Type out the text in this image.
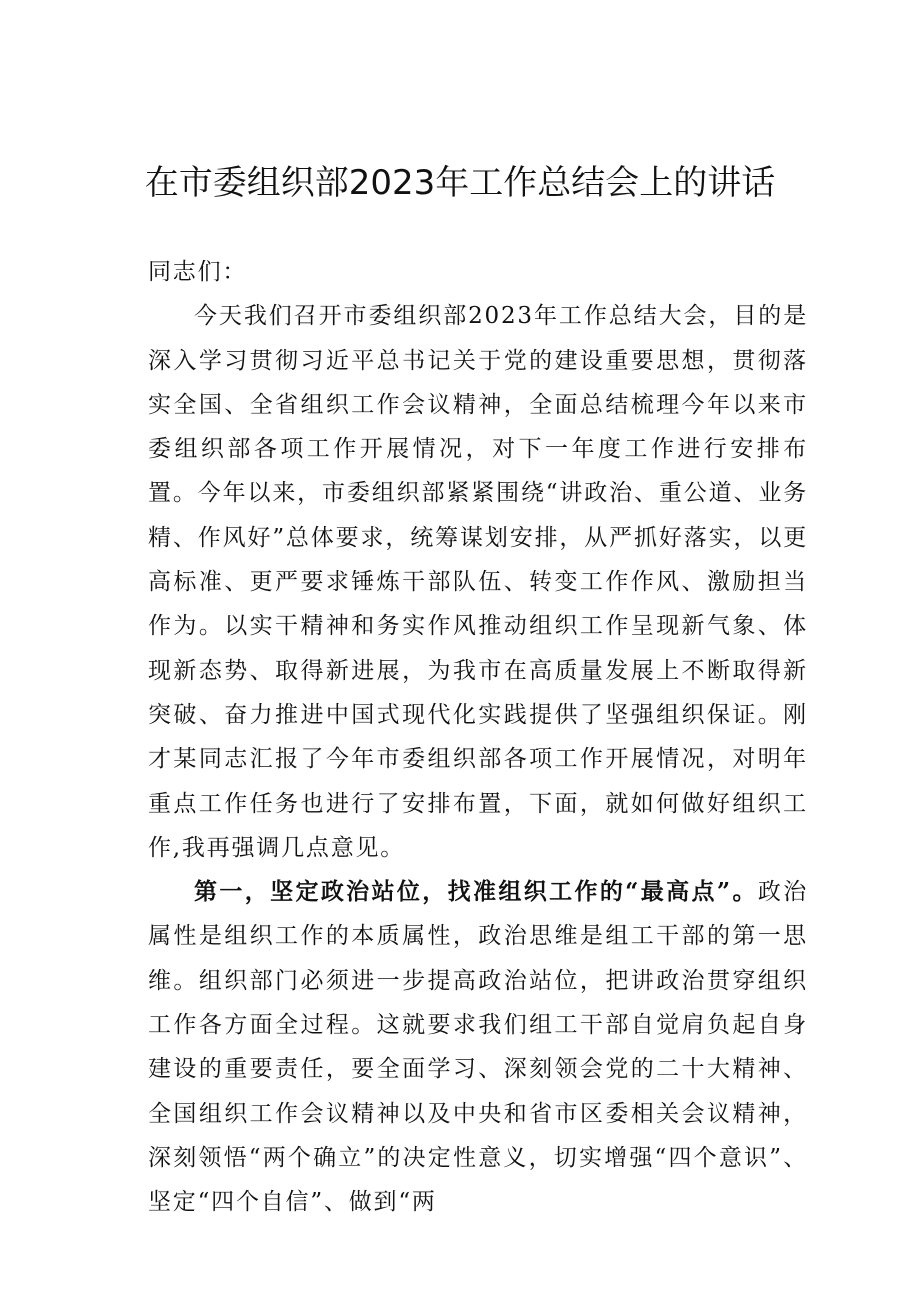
在市委组织部2023年工作总结会上的讲话

同志们：

今天我们召开市委组织部2023年工作总结大会，目的是深入学习贯彻习近平总书记关于党的建设重要思想，贯彻落实全国、全省组织工作会议精神，全面总结梳理今年以来市委组织部各项工作开展情况，对下一年度工作进行安排布置。今年以来，市委组织部紧紧围绕“讲政治、重公道、业务精、作风好”总体要求，统筹谋划安排，从严抓好落实，以更高标准、更严要求锤炼干部队伍、转变工作作风、激励担当作为。以实干精神和务实作风推动组织工作呈现新气象、体现新态势、取得新进展，为我市在高质量发展上不断取得新突破、奋力推进中国式现代化实践提供了坚强组织保证。刚才某同志汇报了今年市委组织部各项工作开展情况，对明年重点工作任务也进行了安排布置，下面，就如何做好组织工作,我再强调几点意见。

第一，坚定政治站位，找准组织工作的“最高点”。政治属性是组织工作的本质属性，政治思维是组工干部的第一思维。组织部门必须进一步提高政治站位，把讲政治贯穿组织工作各方面全过程。这就要求我们组工干部自觉肩负起自身建设的重要责任，要全面学习、深刻领会党的二十大精神、全国组织工作会议精神以及中央和省市区委相关会议精神，深刻领悟“两个确立”的决定性意义，切实增强“四个意识”、坚定“四个自信”、做到“两
